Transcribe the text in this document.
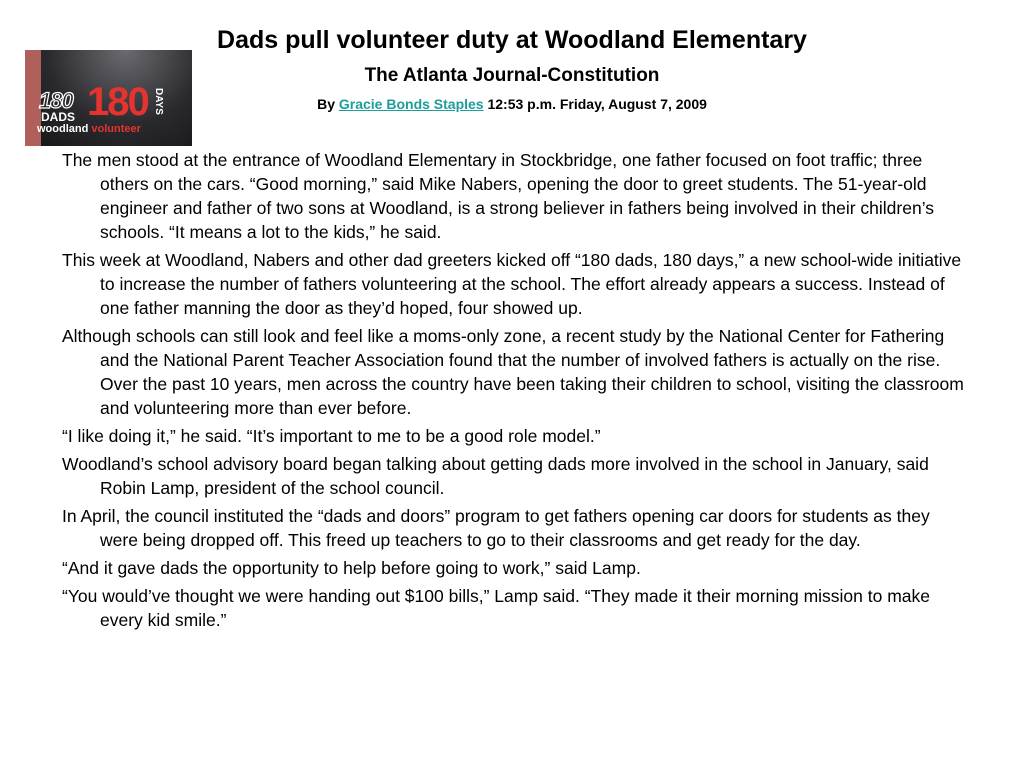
180
DADS 180 DAYS
woodland volunteer
Dads pull volunteer duty at Woodland Elementary
The Atlanta Journal-Constitution
By Gracie Bonds Staples 12:53 p.m. Friday, August 7, 2009

The men stood at the entrance of Woodland Elementary in Stockbridge, one father focused on foot traffic; three others on the cars. “Good morning,” said Mike Nabers, opening the door to greet students. The 51-year-old engineer and father of two sons at Woodland, is a strong believer in fathers being involved in their children’s schools. “It means a lot to the kids,” he said.

This week at Woodland, Nabers and other dad greeters kicked off “180 dads, 180 days,” a new school-wide initiative to increase the number of fathers volunteering at the school. The effort already appears a success. Instead of one father manning the door as they’d hoped, four showed up.

Although schools can still look and feel like a moms-only zone, a recent study by the National Center for Fathering and the National Parent Teacher Association found that the number of involved fathers is actually on the rise. Over the past 10 years, men across the country have been taking their children to school, visiting the classroom and volunteering more than ever before.

“I like doing it,” he said. “It’s important to me to be a good role model.”

Woodland’s school advisory board began talking about getting dads more involved in the school in January, said Robin Lamp, president of the school council.

In April, the council instituted the “dads and doors” program to get fathers opening car doors for students as they were being dropped off. This freed up teachers to go to their classrooms and get ready for the day.

“And it gave dads the opportunity to help before going to work,” said Lamp.

“You would’ve thought we were handing out $100 bills,” Lamp said. “They made it their morning mission to make every kid smile.”
